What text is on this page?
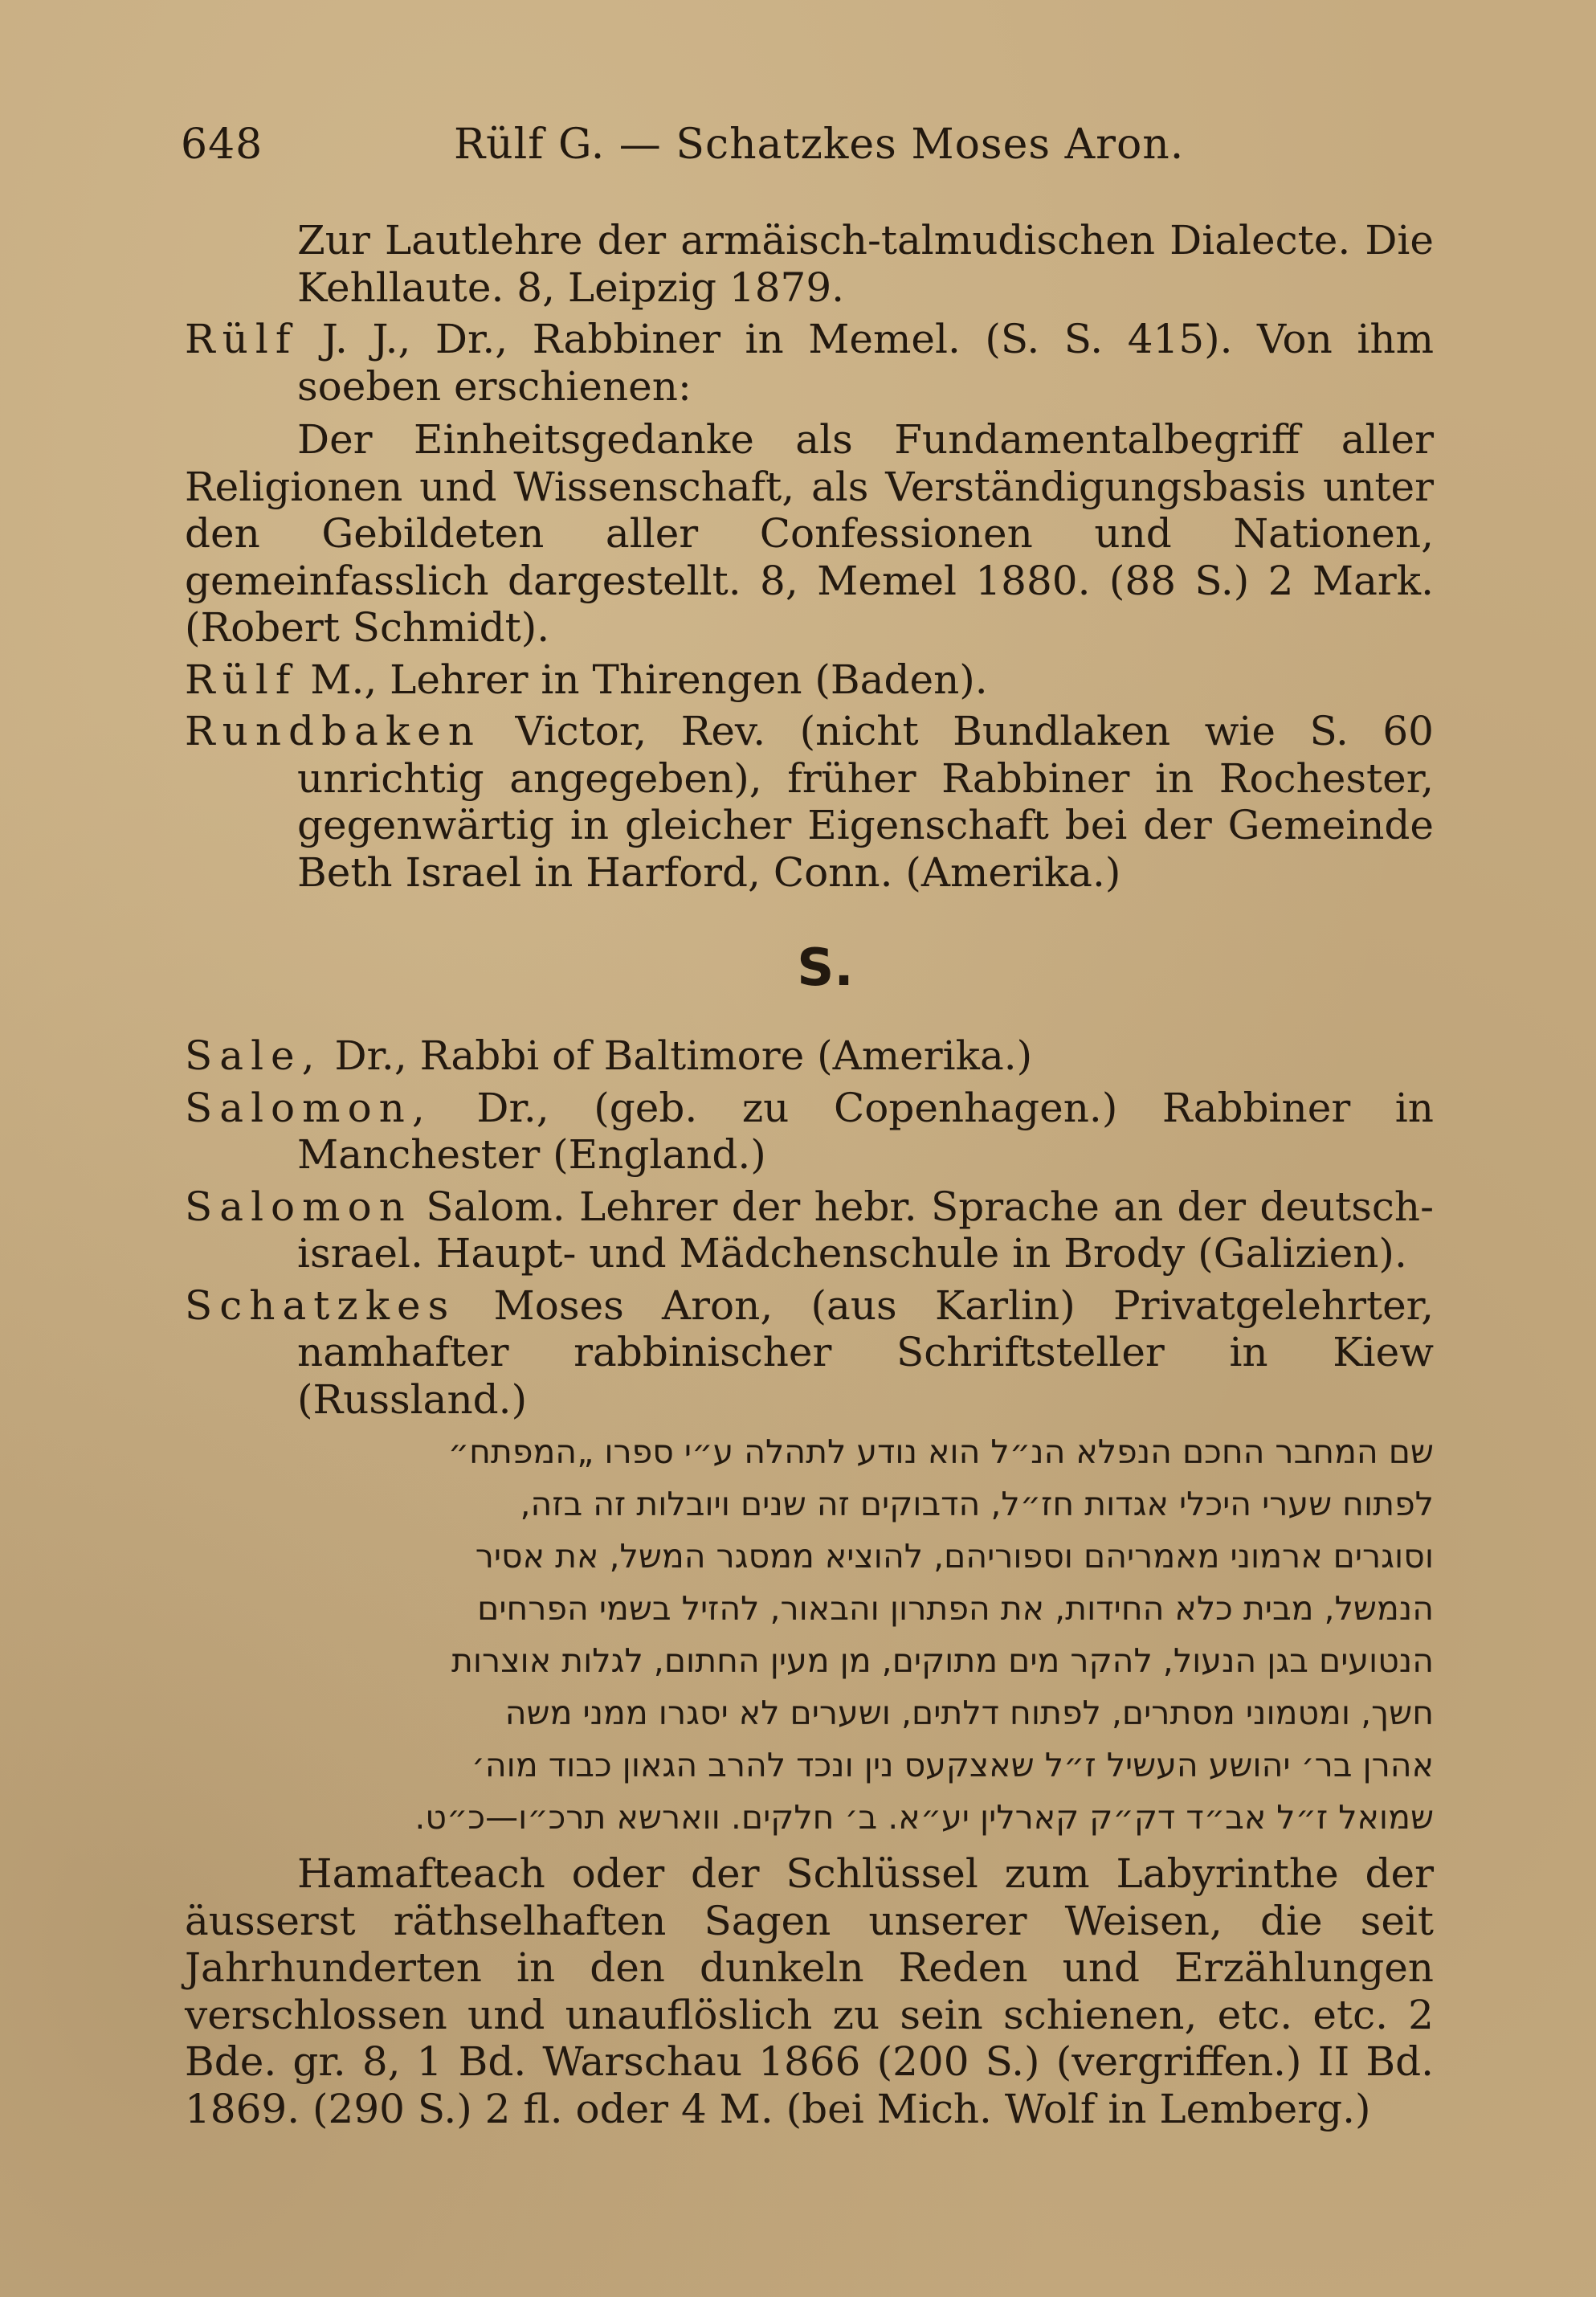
648	Rülf G. — Schatzkes Moses Aron.
Zur Lautlehre der armäisch-talmudischen Dialecte. Die Kehllaute. 8, Leipzig 1879.
Rülf J. J., Dr., Rabbiner in Memel. (S. S. 415). Von ihm soeben erschienen:
Der Einheitsgedanke als Fundamentalbegriff aller Religionen und Wissenschaft, als Verständigungsbasis unter den Gebildeten aller Confessionen und Nationen, gemeinfasslich dargestellt. 8, Memel 1880. (88 S.) 2 Mark. (Robert Schmidt).
Rülf M., Lehrer in Thirengen (Baden).
Rundbaken Victor, Rev. (nicht Bundlaken wie S. 60 unrichtig angegeben), früher Rabbiner in Rochester, gegenwärtig in gleicher Eigenschaft bei der Gemeinde Beth Israel in Harford, Conn. (Amerika.)
S.
Sale, Dr., Rabbi of Baltimore (Amerika.)
Salomon, Dr., (geb. zu Copenhagen.) Rabbiner in Manchester (England.)
Salomon Salom. Lehrer der hebr. Sprache an der deutsch-israel. Haupt- und Mädchenschule in Brody (Galizien).
Schatzkes Moses Aron, (aus Karlin) Privatgelehrter, namhafter rabbinischer Schriftsteller in Kiew (Russland.)
שם המחבר החכם הנפלא הנ״ל הוא נודע לתהלה ע״י ספרו „המפתח״
לפתוח שערי היכלי אגדות חז״ל, הדבוקים זה שנים ויובלות זה בזה,
וסוגרים ארמוני מאמריהם וספוריהם, להוציא ממסגר המשל, את אסיר
הנמשל, מבית כלא החידות, את הפתרון והבאור, להזיל בשמי הפרחים
הנטועים בגן הנעול, להקר מים מתוקים, מן מעין החתום, לגלות אוצרות
חשך, ומטמוני מסתרים, לפתוח דלתים, ושערים לא יסגרו ממני משה
אהרן בר׳ יהושע העשיל ז״ל שאצקעס נין ונכד להרב הגאון כבוד מוה׳
שמואל ז״ל אב״ד דק״ק קארלין יע״א. ב׳ חלקים. ווארשא תרכ״ו—כ״ט.
Hamafteach oder der Schlüssel zum Labyrinthe der äusserst räthselhaften Sagen unserer Weisen, die seit Jahrhunderten in den dunkeln Reden und Erzählungen verschlossen und unauflöslich zu sein schienen, etc. etc. 2 Bde. gr. 8, 1 Bd. Warschau 1866 (200 S.) (vergriffen.) II Bd. 1869. (290 S.) 2 fl. oder 4 M. (bei Mich. Wolf in Lemberg.)
